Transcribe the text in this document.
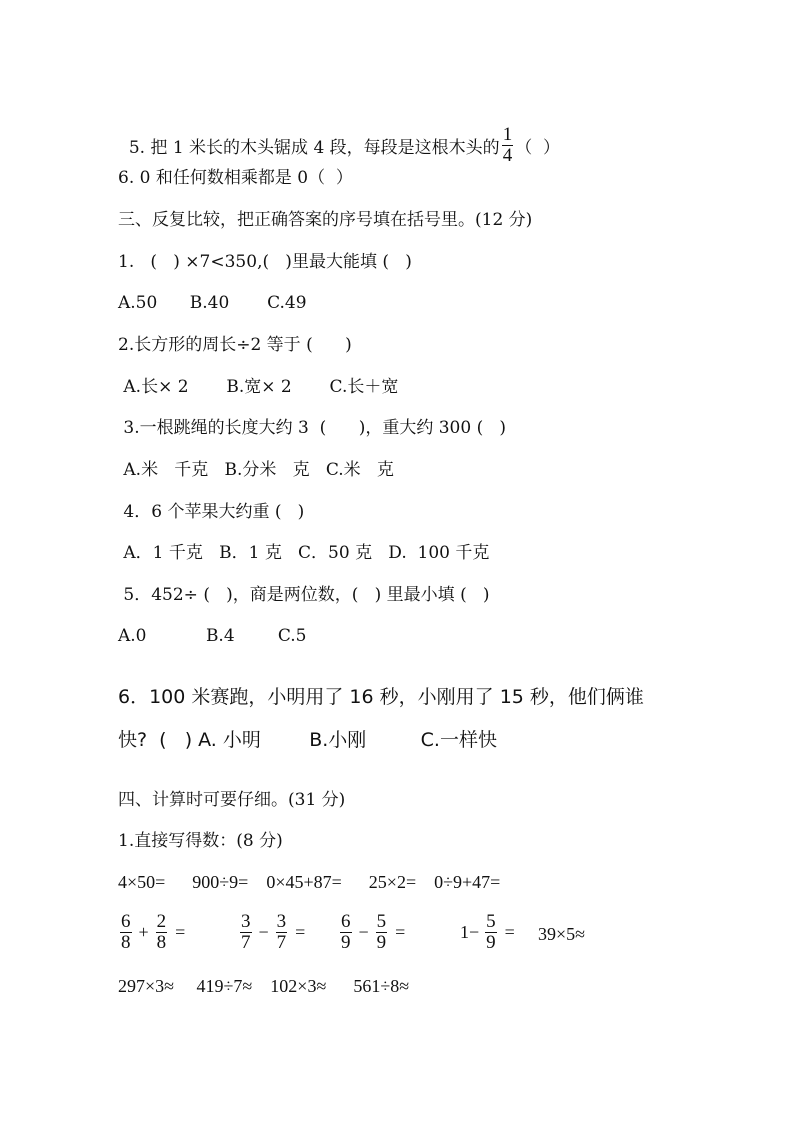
5. 把 1 米长的木头锯成 4 段，每段是这根木头的 $\frac{1}{4}$ （  ）

6. 0 和任何数相乘都是 0（  ）
三、反复比较，把正确答案的序号填在括号里。(12 分)
1.   (   ) ×7<350,(   )里最大能填 (   )
A.50      B.40       C.49
2.长方形的周长÷2 等于 (      )
A.长× 2       B.宽× 2       C.长＋宽
3.一根跳绳的长度大约 3  (      )，重大约 300 (   )
A.米   千克   B.分米   克   C.米   克
4．6 个苹果大约重 (   )
A．1 千克   B．1 克   C．50 克   D.  100 千克
5．452÷ (   )，商是两位数，(   ) 里最小填 (   )
A.0           B.4        C.5
6．100 米赛跑，小明用了 16 秒，小刚用了 15 秒，他们俩谁
快?  (   ) A. 小明        B.小刚         C.一样快
四、计算时可要仔细。(31 分)
1.直接写得数：(8 分)
4×50=      900÷9=    0×45+87=      25×2=    0÷9+47=

$\frac{6}{8} + \frac{2}{8}$ =

	$\frac{3}{7} - \frac{3}{7}$ =

$\frac{6}{9} - \frac{5}{9}$ =

	$1- \frac{5}{9}$ =

39×5≈

297×3≈     419÷7≈    102×3≈      561÷8≈
